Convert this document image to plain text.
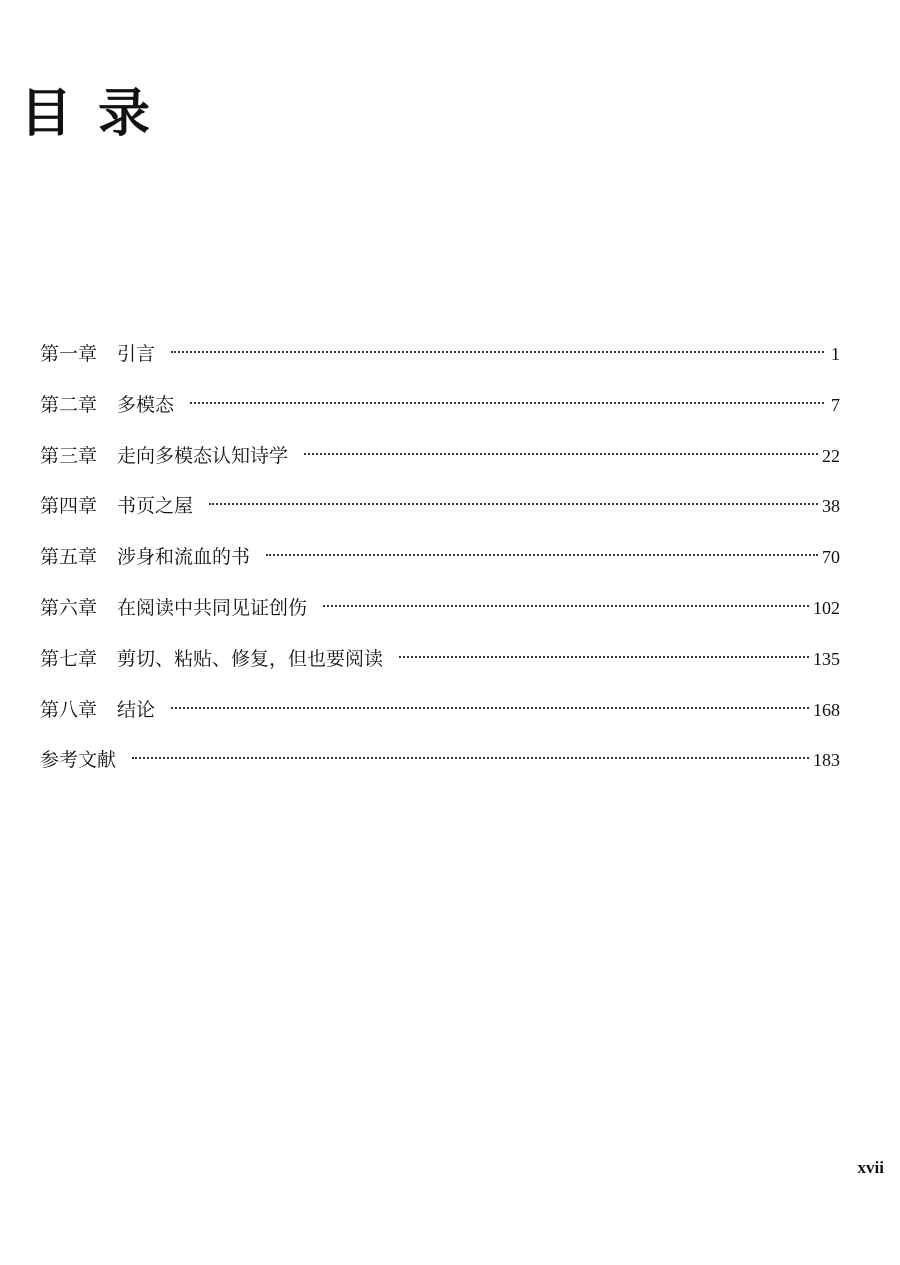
目录
第一章 引言	1
第二章 多模态	7
第三章 走向多模态认知诗学	22
第四章 书页之屋	38
第五章 涉身和流血的书	70
第六章 在阅读中共同见证创伤	102
第七章 剪切、粘贴、修复，但也要阅读	135
第八章 结论	168
参考文献	183

xvii
